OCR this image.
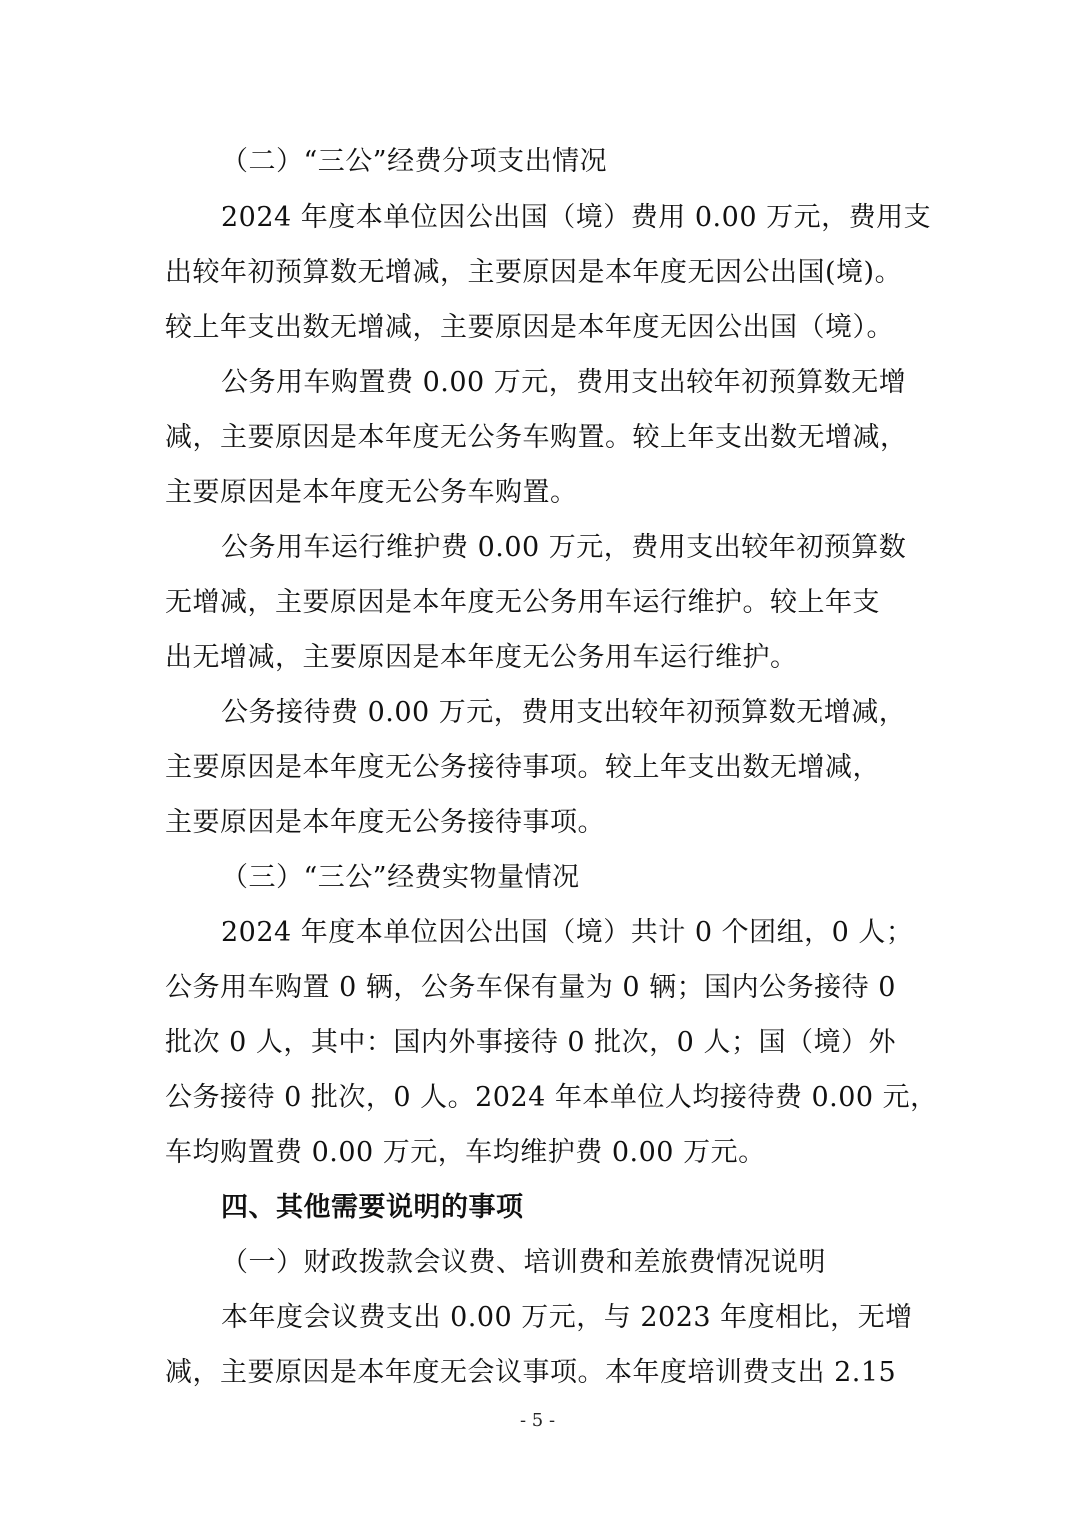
（二）“三公”经费分项支出情况
2024 年度本单位因公出国（境）费用 0.00 万元，费用支
出较年初预算数无增减，主要原因是本年度无因公出国(境)。
较上年支出数无增减，主要原因是本年度无因公出国（境）。
公务用车购置费 0.00 万元，费用支出较年初预算数无增
减，主要原因是本年度无公务车购置。较上年支出数无增减，
主要原因是本年度无公务车购置。
公务用车运行维护费 0.00 万元，费用支出较年初预算数
无增减，主要原因是本年度无公务用车运行维护。较上年支
出无增减，主要原因是本年度无公务用车运行维护。
公务接待费 0.00 万元，费用支出较年初预算数无增减，
主要原因是本年度无公务接待事项。较上年支出数无增减，
主要原因是本年度无公务接待事项。
（三）“三公”经费实物量情况
2024 年度本单位因公出国（境）共计 0 个团组，0 人；
公务用车购置 0 辆，公务车保有量为 0 辆；国内公务接待 0
批次 0 人，其中：国内外事接待 0 批次，0 人；国（境）外
公务接待 0 批次，0 人。2024 年本单位人均接待费 0.00 元，
车均购置费 0.00 万元，车均维护费 0.00 万元。
四、其他需要说明的事项
（一）财政拨款会议费、培训费和差旅费情况说明
本年度会议费支出 0.00 万元，与 2023 年度相比，无增
减，主要原因是本年度无会议事项。本年度培训费支出 2.15
- 5 -
